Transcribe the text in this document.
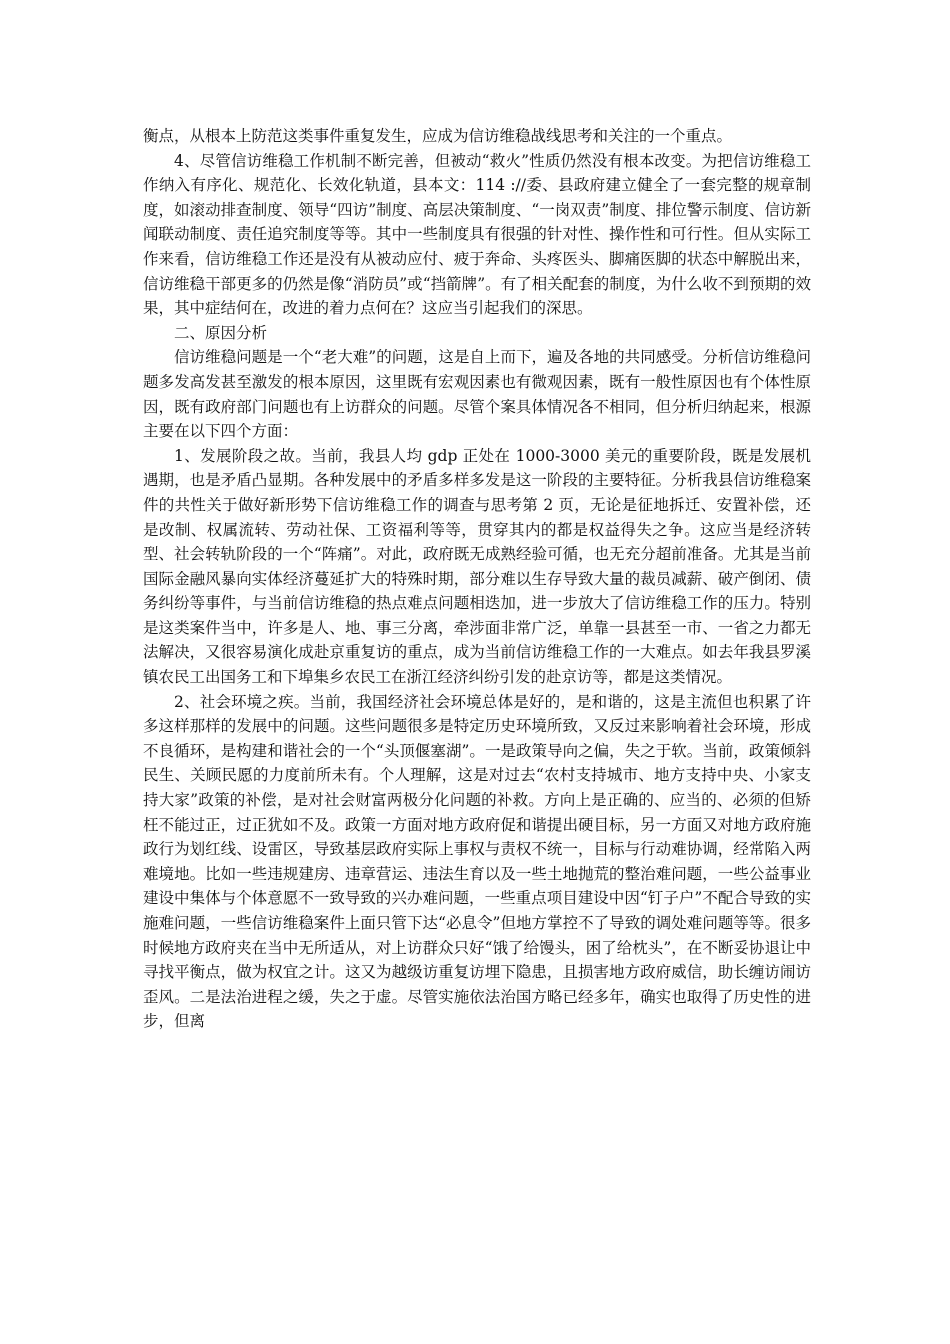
衡点，从根本上防范这类事件重复发生，应成为信访维稳战线思考和关注的一个重点。

4、尽管信访维稳工作机制不断完善，但被动“救火”性质仍然没有根本改变。为把信访维稳工作纳入有序化、规范化、长效化轨道，县本文：114 ://委、县政府建立健全了一套完整的规章制度，如滚动排查制度、领导“四访”制度、高层决策制度、“一岗双责”制度、排位警示制度、信访新闻联动制度、责任追究制度等等。其中一些制度具有很强的针对性、操作性和可行性。但从实际工作来看，信访维稳工作还是没有从被动应付、疲于奔命、头疼医头、脚痛医脚的状态中解脱出来，信访维稳干部更多的仍然是像“消防员”或“挡箭牌”。有了相关配套的制度，为什么收不到预期的效果，其中症结何在，改进的着力点何在？这应当引起我们的深思。

二、原因分析

信访维稳问题是一个“老大难”的问题，这是自上而下，遍及各地的共同感受。分析信访维稳问题多发高发甚至激发的根本原因，这里既有宏观因素也有微观因素，既有一般性原因也有个体性原因，既有政府部门问题也有上访群众的问题。尽管个案具体情况各不相同，但分析归纳起来，根源主要在以下四个方面：

1、发展阶段之故。当前，我县人均 gdp 正处在 1000-3000 美元的重要阶段，既是发展机遇期，也是矛盾凸显期。各种发展中的矛盾多样多发是这一阶段的主要特征。分析我县信访维稳案件的共性关于做好新形势下信访维稳工作的调查与思考第 2 页，无论是征地拆迁、安置补偿，还是改制、权属流转、劳动社保、工资福利等等，贯穿其内的都是权益得失之争。这应当是经济转型、社会转轨阶段的一个“阵痛”。对此，政府既无成熟经验可循，也无充分超前准备。尤其是当前国际金融风暴向实体经济蔓延扩大的特殊时期，部分难以生存导致大量的裁员减薪、破产倒闭、债务纠纷等事件，与当前信访维稳的热点难点问题相迭加，进一步放大了信访维稳工作的压力。特别是这类案件当中，许多是人、地、事三分离，牵涉面非常广泛，单靠一县甚至一市、一省之力都无法解决，又很容易演化成赴京重复访的重点，成为当前信访维稳工作的一大难点。如去年我县罗溪镇农民工出国务工和下埠集乡农民工在浙江经济纠纷引发的赴京访等，都是这类情况。

2、社会环境之疾。当前，我国经济社会环境总体是好的，是和谐的，这是主流但也积累了许多这样那样的发展中的问题。这些问题很多是特定历史环境所致，又反过来影响着社会环境，形成不良循环，是构建和谐社会的一个“头顶偃塞湖”。一是政策导向之偏，失之于软。当前，政策倾斜民生、关顾民愿的力度前所未有。个人理解，这是对过去“农村支持城市、地方支持中央、小家支持大家”政策的补偿，是对社会财富两极分化问题的补救。方向上是正确的、应当的、必须的但矫枉不能过正，过正犹如不及。政策一方面对地方政府促和谐提出硬目标，另一方面又对地方政府施政行为划红线、设雷区，导致基层政府实际上事权与责权不统一，目标与行动难协调，经常陷入两难境地。比如一些违规建房、违章营运、违法生育以及一些土地抛荒的整治难问题，一些公益事业建设中集体与个体意愿不一致导致的兴办难问题，一些重点项目建设中因“钉子户”不配合导致的实施难问题，一些信访维稳案件上面只管下达“必息令”但地方掌控不了导致的调处难问题等等。很多时候地方政府夹在当中无所适从，对上访群众只好“饿了给馒头，困了给枕头”，在不断妥协退让中寻找平衡点，做为权宜之计。这又为越级访重复访埋下隐患，且损害地方政府威信，助长缠访闹访歪风。二是法治进程之缓，失之于虚。尽管实施依法治国方略已经多年，确实也取得了历史性的进步，但离
